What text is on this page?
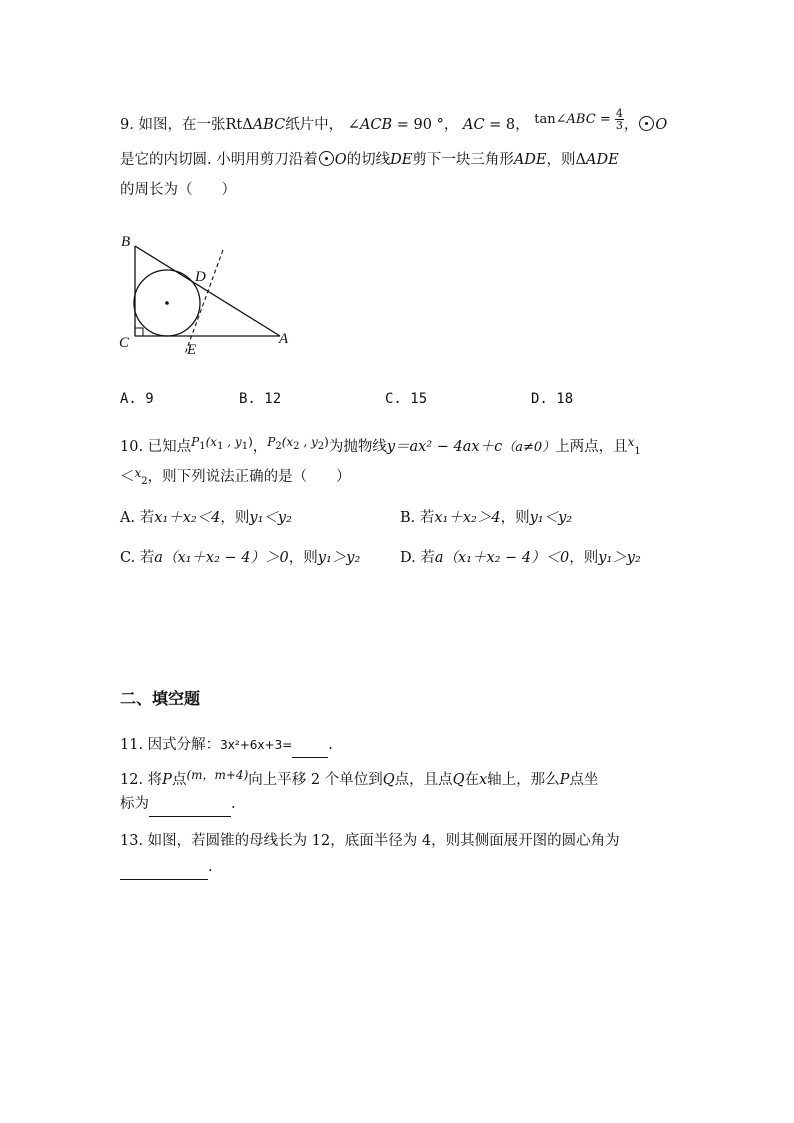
9. 如图，在一张RtΔABC纸片中， ∠ACB = 90 °， AC = 8， tan∠ABC = $\frac{4}{3}$ ， O
是它的内切圆. 小明用剪刀沿着 O的切线DE剪下一块三角形ADE，则ΔADE
的周长为（　　）
B
C	A
D
E
A. 9	B. 12	C. 15	D. 18
10. 已知点$^{P_1(x_1 , y_1)}$，$^{P_2(x_2 , y_2)}$为抛物线y＝ax² − 4ax＋c（a≠0）上两点，且$^x_1$
＜$^x_2$，则下列说法正确的是（　　）
A. 若x₁＋x₂＜4，则y₁＜y₂	B. 若x₁＋x₂＞4，则y₁＜y₂
C. 若a（x₁＋x₂ − 4）＞0，则y₁＞y₂	D. 若a（x₁＋x₂ − 4）＜0，则y₁＞y₂
二、填空题
11. 因式分解：3x²+6x+3= .
12. 将P点$^{(m,m+4)}$向上平移 2 个单位到Q点，且点Q在x轴上，那么P点坐
标为	.
13. 如图，若圆锥的母线长为 12，底面半径为 4，则其侧面展开图的圆心角为
.
